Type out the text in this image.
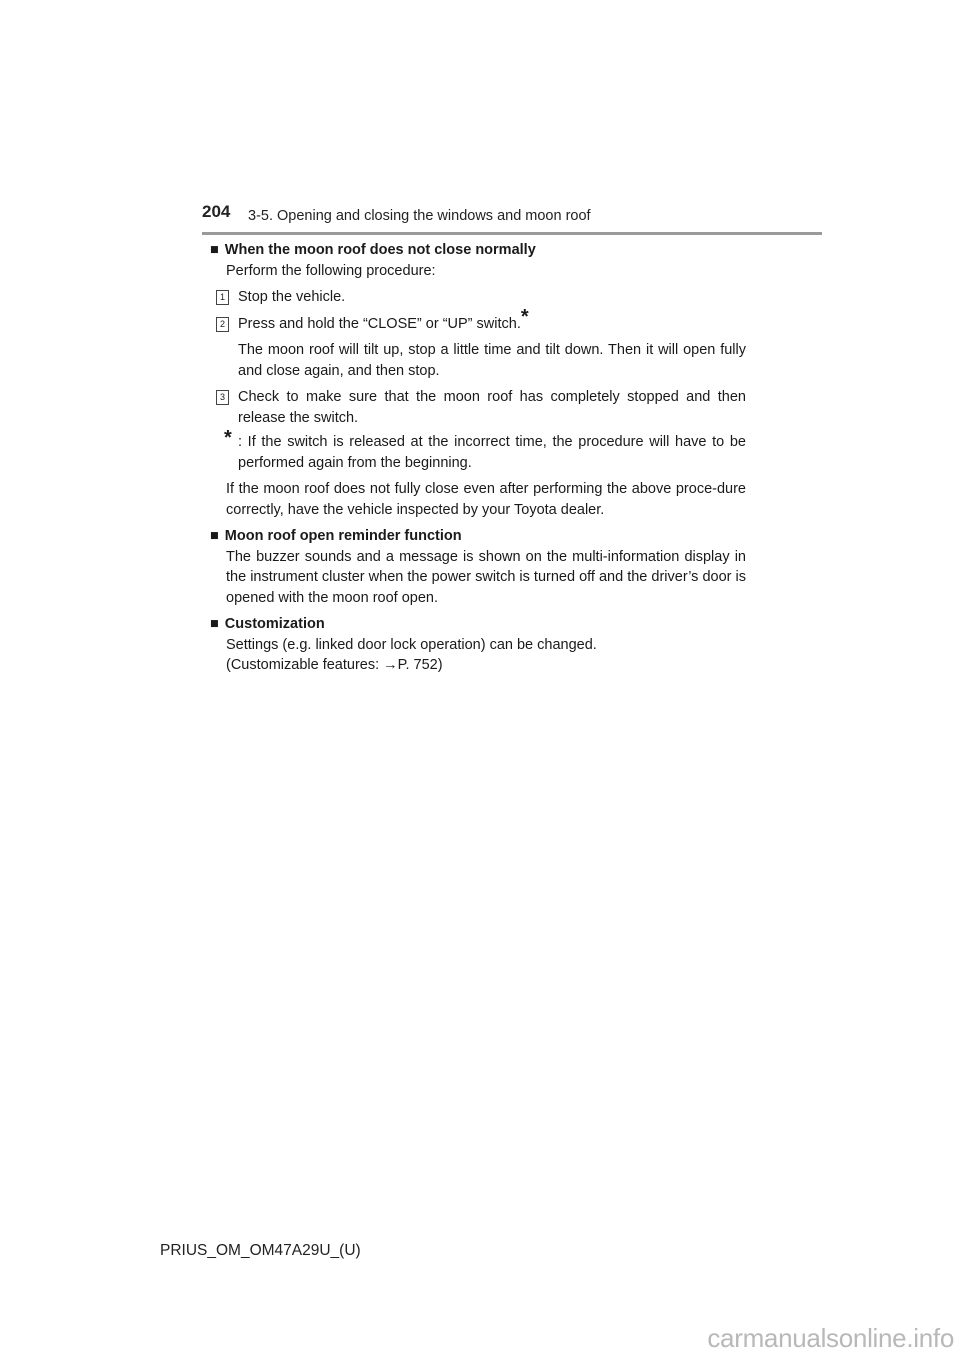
204 3-5. Opening and closing the windows and moon roof

■ When the moon roof does not close normally

Perform the following procedure:

1 Stop the vehicle.
2 Press and hold the “CLOSE” or “UP” switch.*
The moon roof will tilt up, stop a little time and tilt down. Then it will open fully and close again, and then stop.
3 Check to make sure that the moon roof has completely stopped and then release the switch.
* : If the switch is released at the incorrect time, the procedure will have to be performed again from the beginning.

If the moon roof does not fully close even after performing the above proce-dure correctly, have the vehicle inspected by your Toyota dealer.

■ Moon roof open reminder function

The buzzer sounds and a message is shown on the multi-information display in the instrument cluster when the power switch is turned off and the driver’s door is opened with the moon roof open.

■ Customization

Settings (e.g. linked door lock operation) can be changed.

(Customizable features: →P. 752)

PRIUS_OM_OM47A29U_(U)
carmanualsonline.info
